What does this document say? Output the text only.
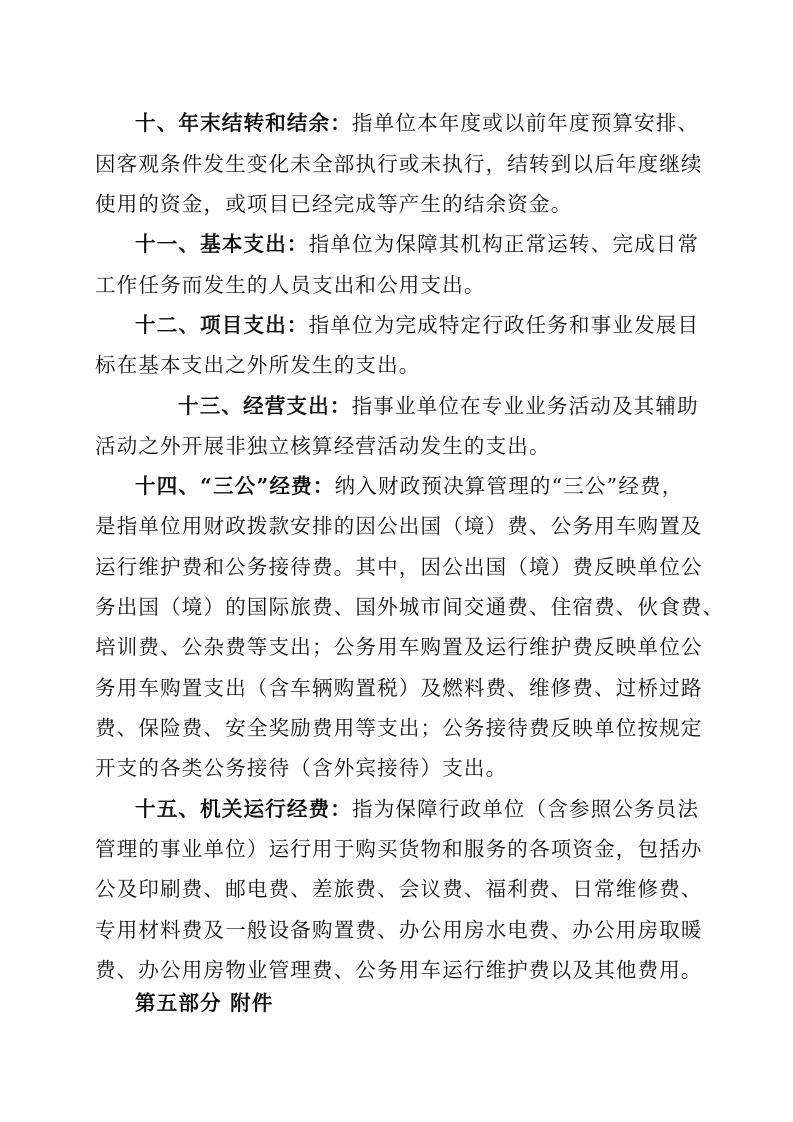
十、年末结转和结余：指单位本年度或以前年度预算安排、
因客观条件发生变化未全部执行或未执行，结转到以后年度继续
使用的资金，或项目已经完成等产生的结余资金。
十一、基本支出：指单位为保障其机构正常运转、完成日常
工作任务而发生的人员支出和公用支出。
十二、项目支出：指单位为完成特定行政任务和事业发展目
标在基本支出之外所发生的支出。
十三、经营支出：指事业单位在专业业务活动及其辅助
活动之外开展非独立核算经营活动发生的支出。
十四、“三公”经费：纳入财政预决算管理的“三公”经费，
是指单位用财政拨款安排的因公出国（境）费、公务用车购置及
运行维护费和公务接待费。其中，因公出国（境）费反映单位公
务出国（境）的国际旅费、国外城市间交通费、住宿费、伙食费、
培训费、公杂费等支出；公务用车购置及运行维护费反映单位公
务用车购置支出（含车辆购置税）及燃料费、维修费、过桥过路
费、保险费、安全奖励费用等支出；公务接待费反映单位按规定
开支的各类公务接待（含外宾接待）支出。
十五、机关运行经费：指为保障行政单位（含参照公务员法
管理的事业单位）运行用于购买货物和服务的各项资金，包括办
公及印刷费、邮电费、差旅费、会议费、福利费、日常维修费、
专用材料费及一般设备购置费、办公用房水电费、办公用房取暖
费、办公用房物业管理费、公务用车运行维护费以及其他费用。
第五部分 附件
